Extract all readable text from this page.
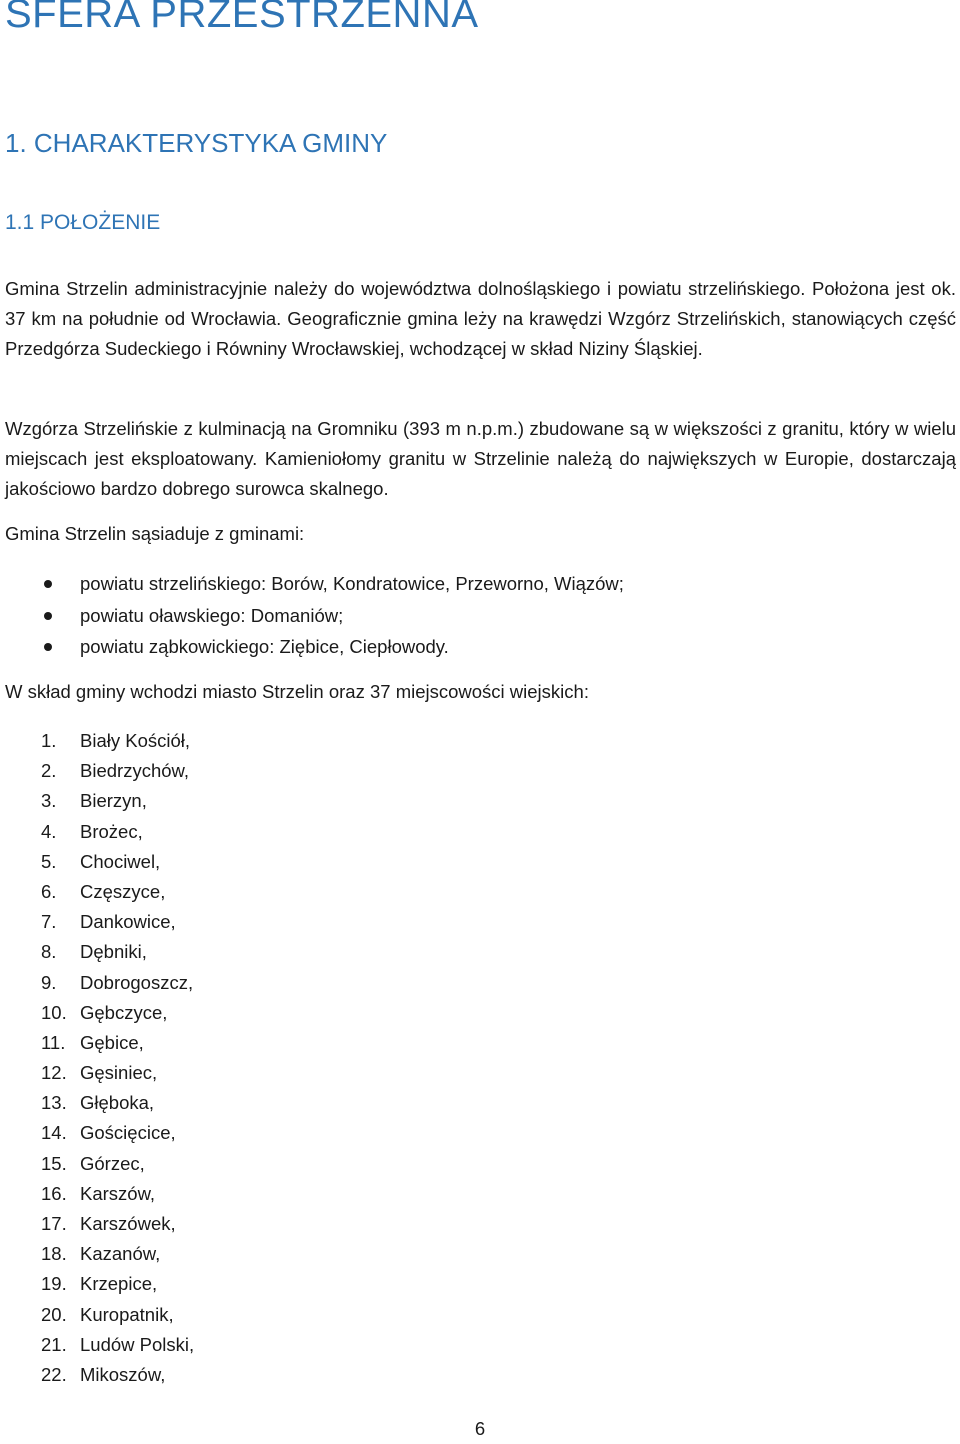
SFERA PRZESTRZENNA
1. CHARAKTERYSTYKA GMINY
1.1 POŁOŻENIE

Gmina Strzelin administracyjnie należy do województwa dolnośląskiego i powiatu strzelińskiego. Położona jest ok. 37 km na południe od Wrocławia. Geograficznie gmina leży na krawędzi Wzgórz Strzelińskich, stanowiących część Przedgórza Sudeckiego i Równiny Wrocławskiej, wchodzącej w skład Niziny Śląskiej.

Wzgórza Strzelińskie z kulminacją na Gromniku (393 m n.p.m.) zbudowane są w większości z granitu, który w wielu miejscach jest eksploatowany. Kamieniołomy granitu w Strzelinie należą do największych w Europie, dostarczają jakościowo bardzo dobrego surowca skalnego.

Gmina Strzelin sąsiaduje z gminami:

powiatu strzelińskiego: Borów, Kondratowice, Przeworno, Wiązów;
powiatu oławskiego: Domaniów;
powiatu ząbkowickiego: Ziębice, Ciepłowody.

W skład gminy wchodzi miasto Strzelin oraz 37 miejscowości wiejskich:

1. Biały Kościół,
2. Biedrzychów,
3. Bierzyn,
4. Brożec,
5. Chociwel,
6. Częszyce,
7. Dankowice,
8. Dębniki,
9. Dobrogoszcz,
10. Gębczyce,
11. Gębice,
12. Gęsiniec,
13. Głęboka,
14. Gościęcice,
15. Górzec,
16. Karszów,
17. Karszówek,
18. Kazanów,
19. Krzepice,
20. Kuropatnik,
21. Ludów Polski,
22. Mikoszów,

6
